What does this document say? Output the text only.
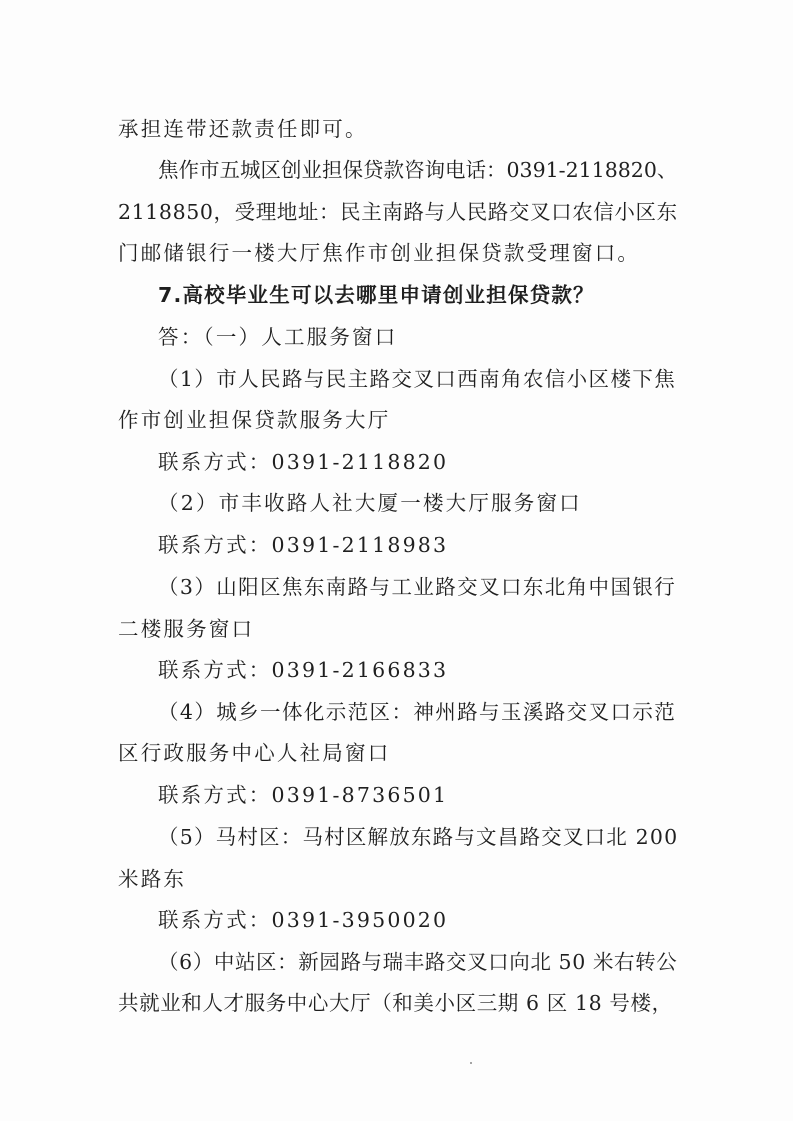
承担连带还款责任即可。
焦作市五城区创业担保贷款咨询电话：0391-2118820、
2118850，受理地址：民主南路与人民路交叉口农信小区东
门邮储银行一楼大厅焦作市创业担保贷款受理窗口。
7.高校毕业生可以去哪里申请创业担保贷款？
答：（一）人工服务窗口
（1）市人民路与民主路交叉口西南角农信小区楼下焦
作市创业担保贷款服务大厅
联系方式：0391-2118820
（2）市丰收路人社大厦一楼大厅服务窗口
联系方式：0391-2118983
（3）山阳区焦东南路与工业路交叉口东北角中国银行
二楼服务窗口
联系方式：0391-2166833
（4）城乡一体化示范区：神州路与玉溪路交叉口示范
区行政服务中心人社局窗口
联系方式：0391-8736501
（5）马村区：马村区解放东路与文昌路交叉口北 200
米路东
联系方式：0391-3950020
（6）中站区：新园路与瑞丰路交叉口向北 50 米右转公
共就业和人才服务中心大厅（和美小区三期 6 区 18 号楼，
